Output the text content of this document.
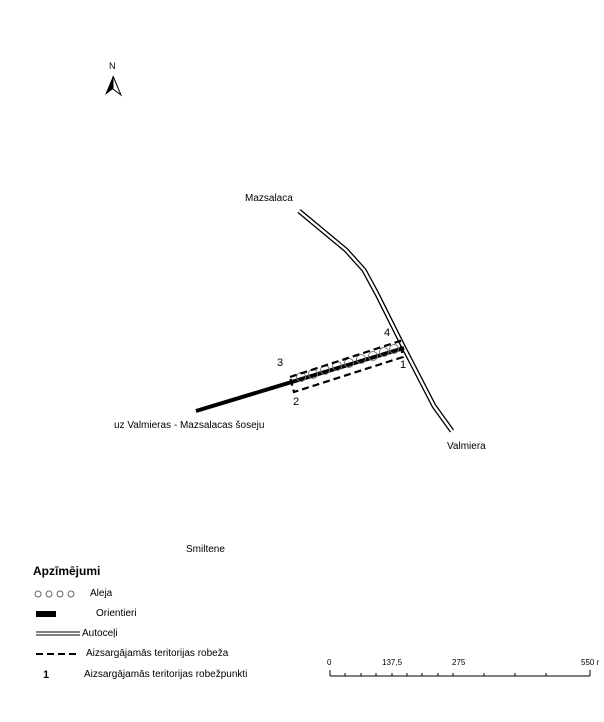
N
Mazsalaca
Valmiera
uz Valmieras - Mazsalacas šoseju
Smiltene
1
2
3
4
Apzīmējumi
Aleja
Orientieri
Autoceļi
Aizsargājamās teritorijas robeža
1	Aizsargājamās teritorijas robežpunkti
0	137,5	275	550 r
